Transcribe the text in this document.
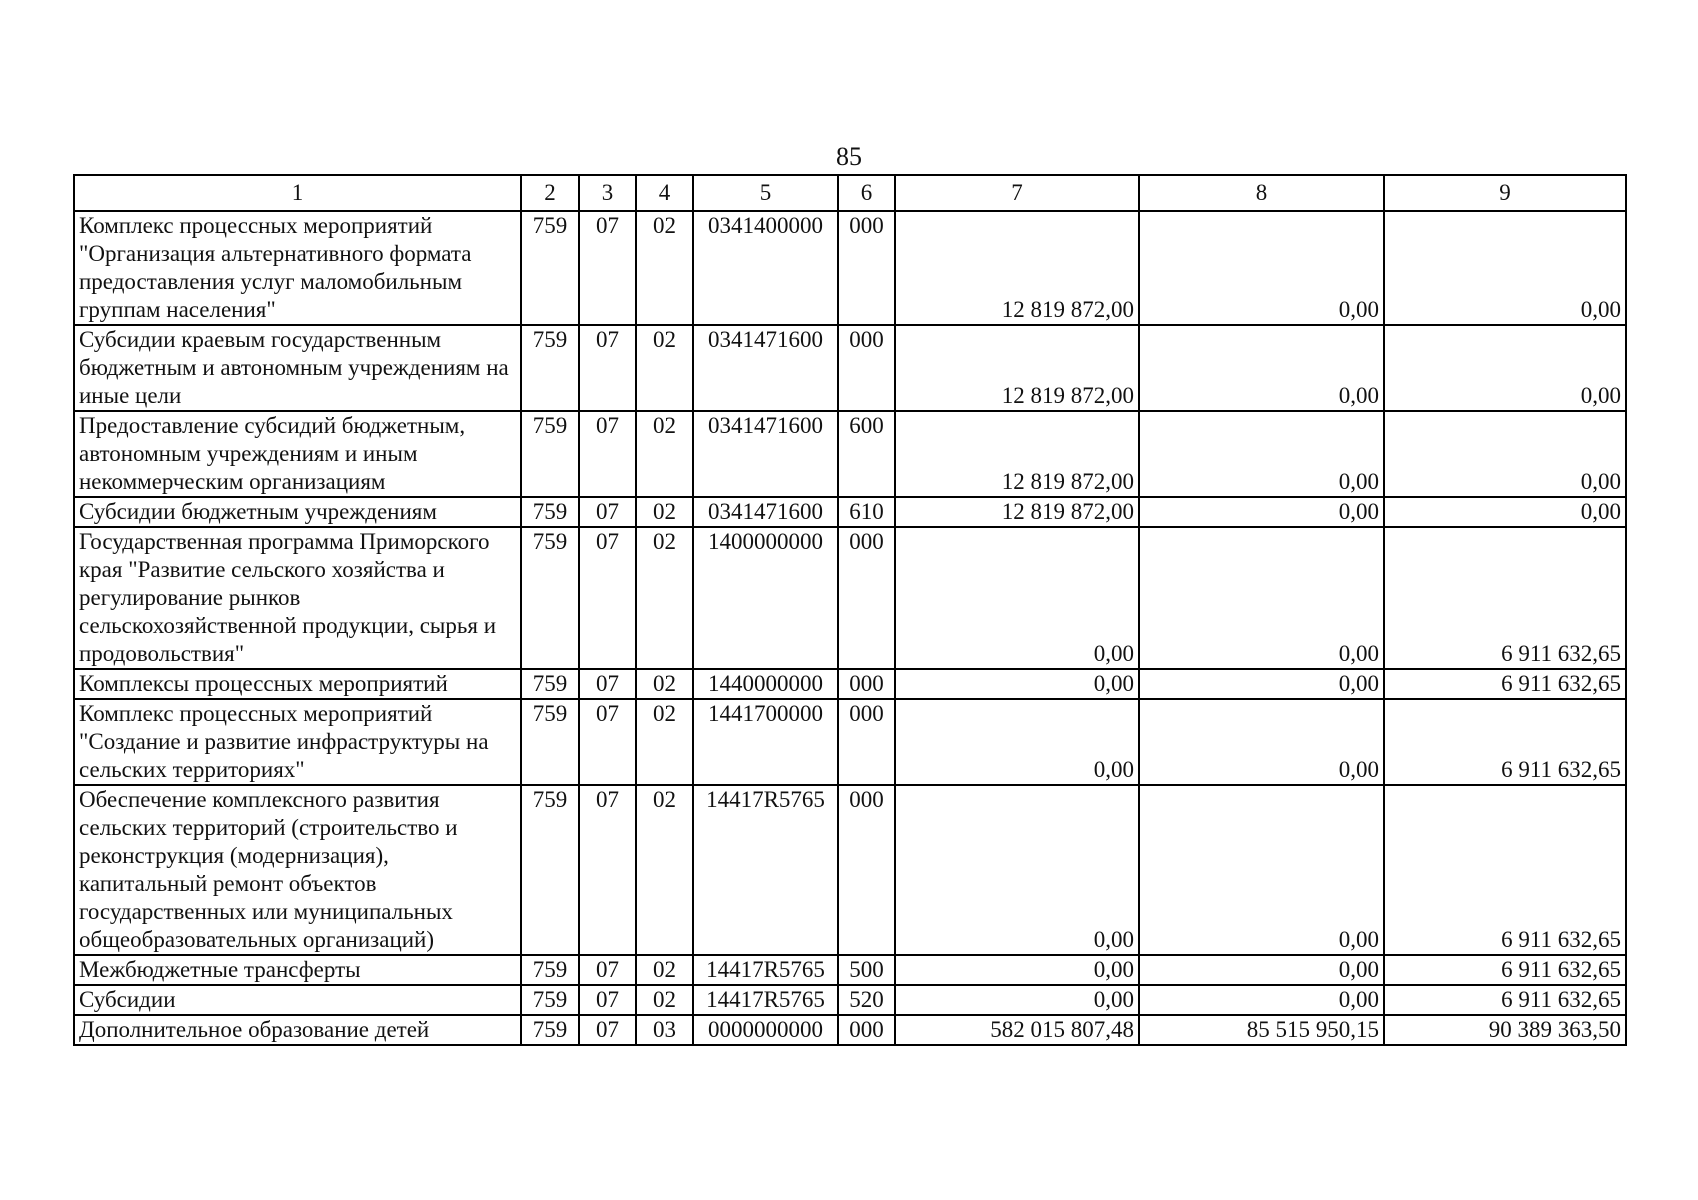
85
1	2	3	4	5	6	7	8	9
Комплекс процессных мероприятий "Организация альтернативного формата предоставления услуг маломобильным группам населения"	759	07	02	0341400000	000	12 819 872,00	0,00	0,00
Субсидии краевым государственным бюджетным и автономным учреждениям на иные цели	759	07	02	0341471600	000	12 819 872,00	0,00	0,00
Предоставление субсидий бюджетным, автономным учреждениям и иным некоммерческим организациям	759	07	02	0341471600	600	12 819 872,00	0,00	0,00
Субсидии бюджетным учреждениям	759	07	02	0341471600	610	12 819 872,00	0,00	0,00
Государственная программа Приморского края "Развитие сельского хозяйства и регулирование рынков сельскохозяйственной продукции, сырья и продовольствия"	759	07	02	1400000000	000	0,00	0,00	6 911 632,65
Комплексы процессных мероприятий	759	07	02	1440000000	000	0,00	0,00	6 911 632,65
Комплекс процессных мероприятий "Создание и развитие инфраструктуры на сельских территориях"	759	07	02	1441700000	000	0,00	0,00	6 911 632,65
Обеспечение комплексного развития сельских территорий (строительство и реконструкция (модернизация), капитальный ремонт объектов государственных или муниципальных общеобразовательных организаций)	759	07	02	14417R5765	000	0,00	0,00	6 911 632,65
Межбюджетные трансферты	759	07	02	14417R5765	500	0,00	0,00	6 911 632,65
Субсидии	759	07	02	14417R5765	520	0,00	0,00	6 911 632,65
Дополнительное образование детей	759	07	03	0000000000	000	582 015 807,48	85 515 950,15	90 389 363,50
